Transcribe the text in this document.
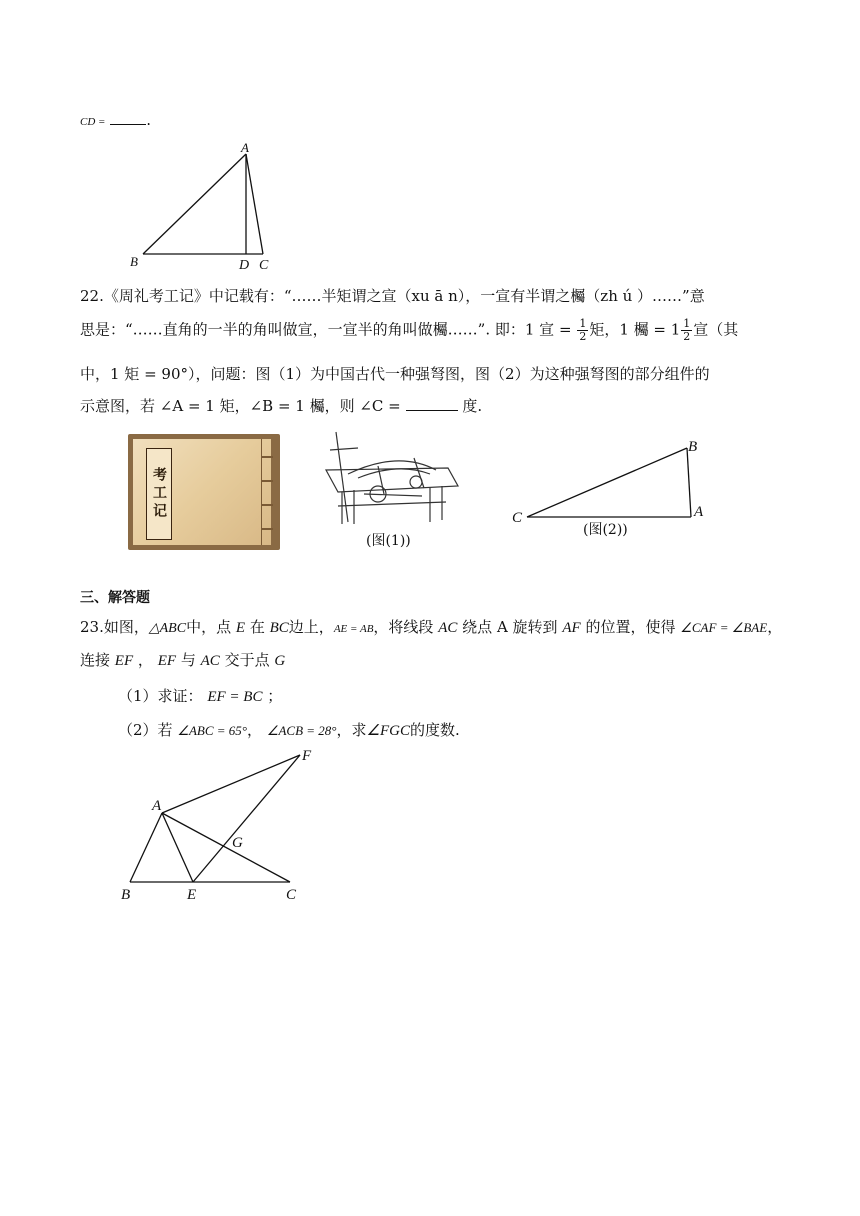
CD =	.
A
B	D C
22.《周礼考工记》中记载有：“……半矩谓之宣（xu ā n），一宣有半谓之欘（zh ú ）……”意
思是：“……直角的一半的角叫做宣，一宣半的角叫做欘……”. 即：1 宣 = $\frac{1}{2}$ 矩，1 欘 = $1 \frac{1}{2}$ 宣（其
中，1 矩 = 90°），问题：图（1）为中国古代一种强弩图，图（2）为这种强弩图的部分组件的
示意图，若 ∠A = 1 矩，∠B = 1 欘，则 ∠C =	度.
考工记
(图(1))
B
C	A
(图(2))
三、解答题
23.如图，△ABC中，点 E 在 BC边上，AE = AB，将线段 AC 绕点 A 旋转到 AF 的位置，使得 ∠CAF = ∠BAE，
连接 EF ， EF 与 AC 交于点 G
（1）求证： EF = BC ；
（2）若 ∠ABC = 65°， ∠ACB = 28°，求∠FGC的度数.
A
B	E	C
F
G
